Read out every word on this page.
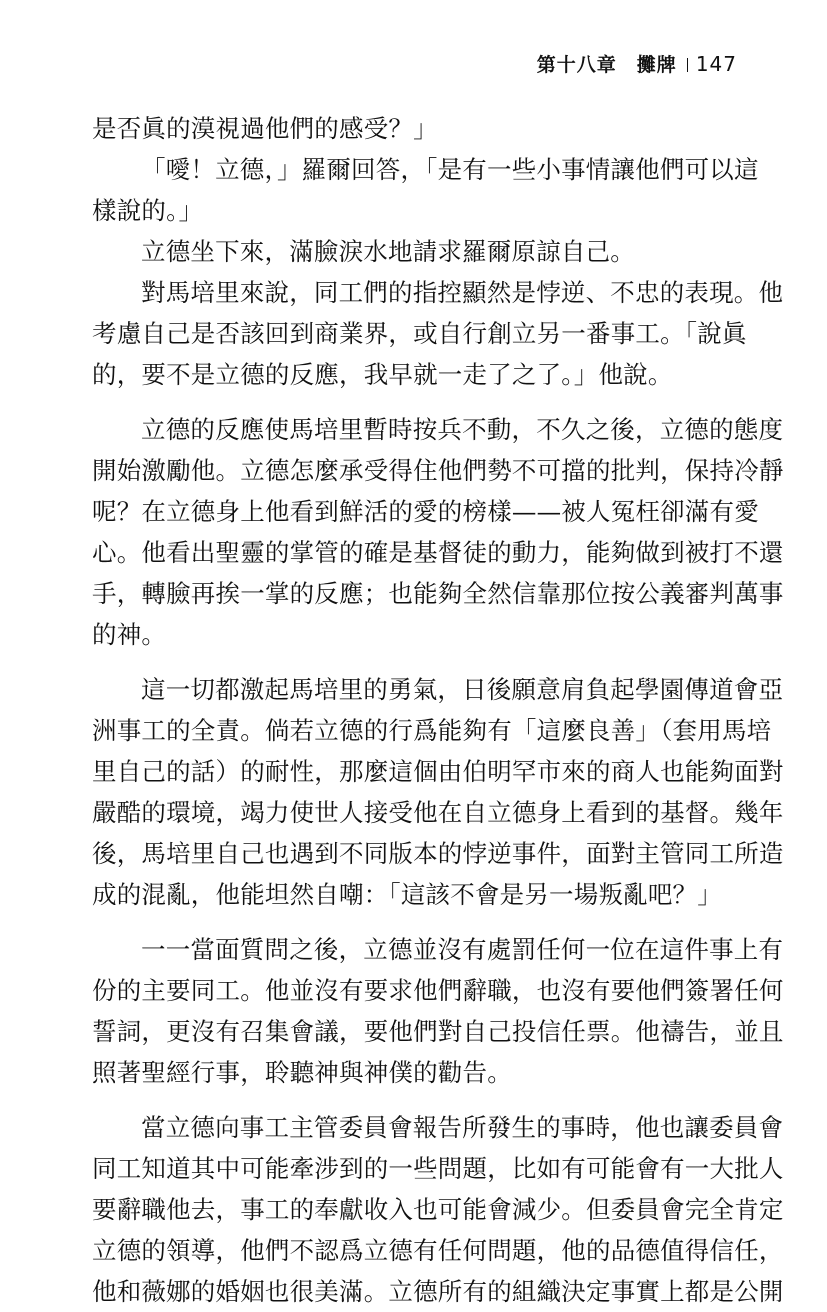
第十八章　攤牌 147
是否眞的漠視過他們的感受？」
「噯！立德，」羅爾回答，「是有一些小事情讓他們可以這
樣說的。」
立德坐下來，滿臉淚水地請求羅爾原諒自己。
對馬培里來說，同工們的指控顯然是悖逆、不忠的表現。他
考慮自己是否該回到商業界，或自行創立另一番事工。「說眞
的，要不是立德的反應，我早就一走了之了。」他說。
立德的反應使馬培里暫時按兵不動，不久之後，立德的態度
開始激勵他。立德怎麼承受得住他們勢不可擋的批判，保持冷靜
呢？在立德身上他看到鮮活的愛的榜樣——被人冤枉卻滿有愛
心。他看出聖靈的掌管的確是基督徒的動力，能夠做到被打不還
手，轉臉再挨一掌的反應；也能夠全然信靠那位按公義審判萬事
的神。
這一切都激起馬培里的勇氣，日後願意肩負起學園傳道會亞
洲事工的全責。倘若立德的行爲能夠有「這麼良善」（套用馬培
里自己的話）的耐性，那麼這個由伯明罕市來的商人也能夠面對
嚴酷的環境，竭力使世人接受他在自立德身上看到的基督。幾年
後，馬培里自己也遇到不同版本的悖逆事件，面對主管同工所造
成的混亂，他能坦然自嘲：「這該不會是另一場叛亂吧？」
一一當面質問之後，立德並沒有處罰任何一位在這件事上有
份的主要同工。他並沒有要求他們辭職，也沒有要他們簽署任何
誓詞，更沒有召集會議，要他們對自己投信任票。他禱告，並且
照著聖經行事，聆聽神與神僕的勸告。
當立德向事工主管委員會報告所發生的事時，他也讓委員會
同工知道其中可能牽涉到的一些問題，比如有可能會有一大批人
要辭職他去，事工的奉獻收入也可能會減少。但委員會完全肯定
立德的領導，他們不認爲立德有任何問題，他的品德值得信任，
他和薇娜的婚姻也很美滿。立德所有的組織決定事實上都是公開
